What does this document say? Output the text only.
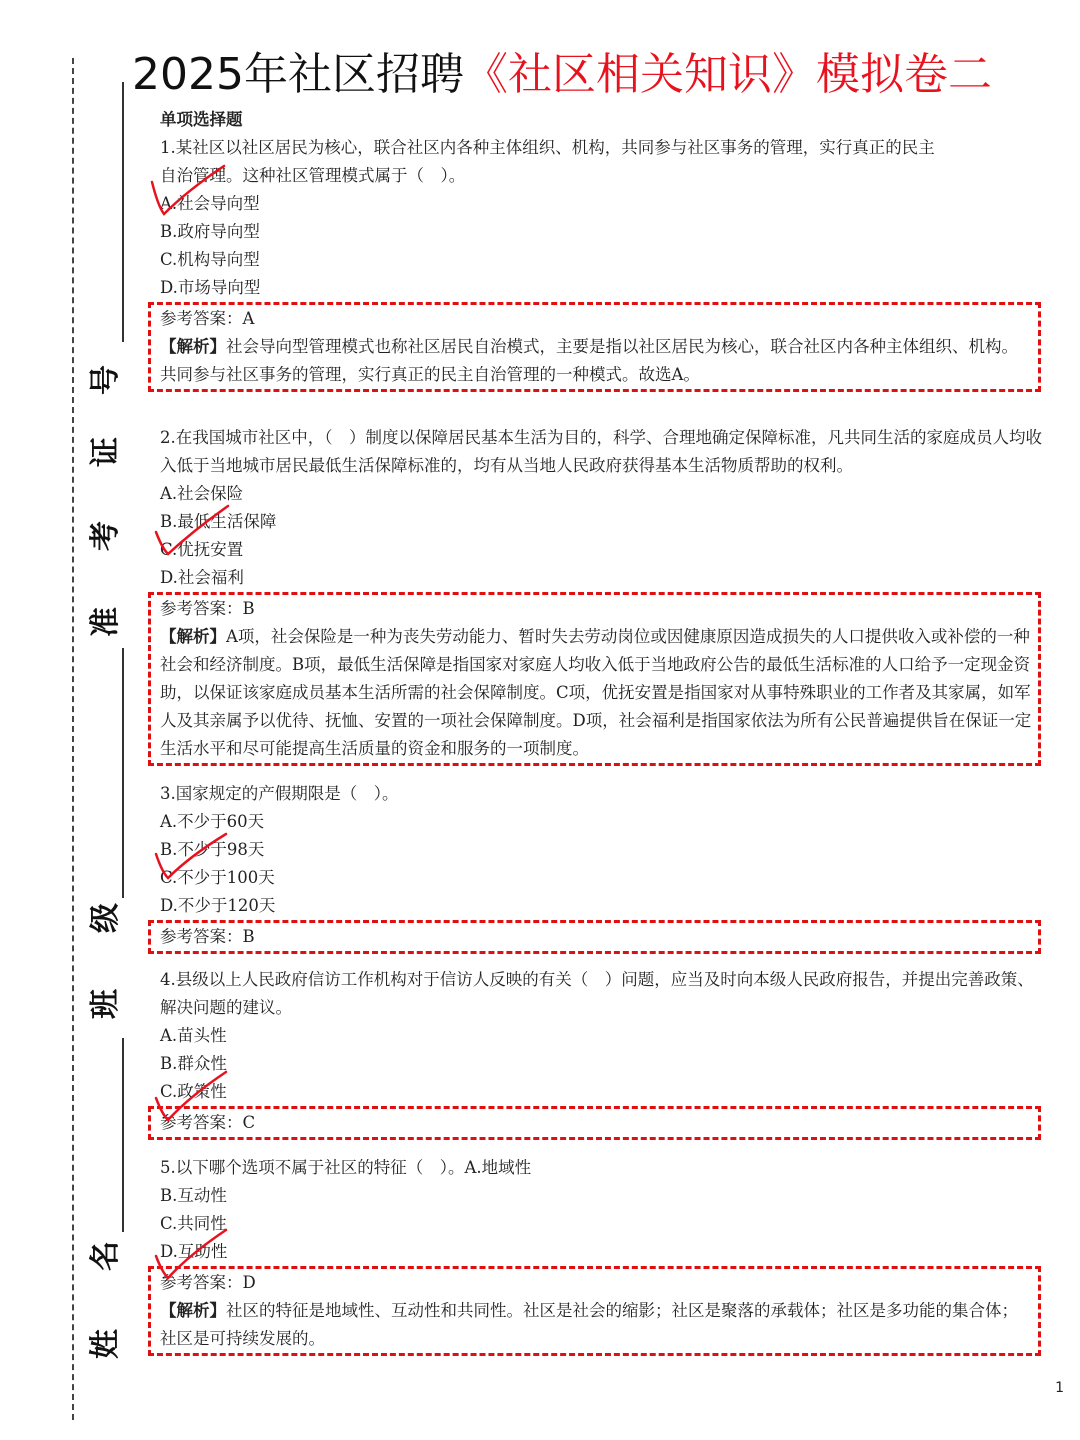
号
证
考
准
级
班
名
姓
2025年社区招聘《社区相关知识》模拟卷二
单项选择题
1.某社区以社区居民为核心，联合社区内各种主体组织、机构，共同参与社区事务的管理，实行真正的民主
自治管理。这种社区管理模式属于（　）。
A.社会导向型
B.政府导向型
C.机构导向型
D.市场导向型
参考答案：A
【解析】社会导向型管理模式也称社区居民自治模式，主要是指以社区居民为核心，联合社区内各种主体组织、机构。共同参与社区事务的管理，实行真正的民主自治管理的一种模式。故选A。
2.在我国城市社区中，（　）制度以保障居民基本生活为目的，科学、合理地确定保障标准，凡共同生活的家庭成员人均收入低于当地城市居民最低生活保障标准的，均有从当地人民政府获得基本生活物质帮助的权利。
A.社会保险
B.最低生活保障
C.优抚安置
D.社会福利
参考答案：B
【解析】A项，社会保险是一种为丧失劳动能力、暂时失去劳动岗位或因健康原因造成损失的人口提供收入或补偿的一种社会和经济制度。B项，最低生活保障是指国家对家庭人均收入低于当地政府公告的最低生活标准的人口给予一定现金资助，以保证该家庭成员基本生活所需的社会保障制度。C项，优抚安置是指国家对从事特殊职业的工作者及其家属，如军人及其亲属予以优待、抚恤、安置的一项社会保障制度。D项，社会福利是指国家依法为所有公民普遍提供旨在保证一定生活水平和尽可能提高生活质量的资金和服务的一项制度。
3.国家规定的产假期限是（　）。
A.不少于60天
B.不少于98天
C.不少于100天
D.不少于120天
参考答案：B
4.县级以上人民政府信访工作机构对于信访人反映的有关（　）问题，应当及时向本级人民政府报告，并提出完善政策、解决问题的建议。
A.苗头性
B.群众性
C.政策性
参考答案：C
5.以下哪个选项不属于社区的特征（　）。A.地域性
B.互动性
C.共同性
D.互助性
参考答案：D
【解析】社区的特征是地域性、互动性和共同性。社区是社会的缩影；社区是聚落的承载体；社区是多功能的集合体；社区是可持续发展的。
1
